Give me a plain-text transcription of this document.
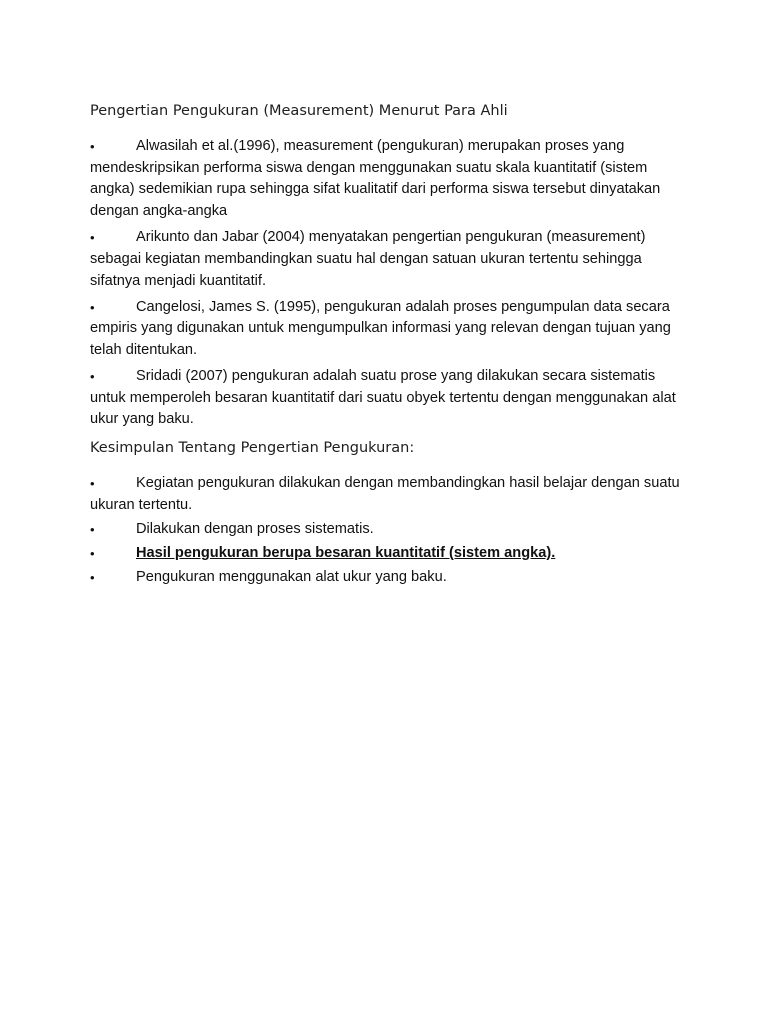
Pengertian Pengukuran (Measurement) Menurut Para Ahli
•	Alwasilah et al.(1996), measurement (pengukuran) merupakan proses yang mendeskripsikan performa siswa dengan menggunakan suatu skala kuantitatif (sistem angka) sedemikian rupa sehingga sifat kualitatif dari performa siswa tersebut dinyatakan dengan angka-angka
•	Arikunto dan Jabar (2004) menyatakan pengertian pengukuran (measurement) sebagai kegiatan membandingkan suatu hal dengan satuan ukuran tertentu sehingga sifatnya menjadi kuantitatif.
•	Cangelosi, James S. (1995), pengukuran adalah proses pengumpulan data secara empiris yang digunakan untuk mengumpulkan informasi yang relevan dengan tujuan yang telah ditentukan.
•	Sridadi (2007) pengukuran adalah suatu prose yang dilakukan secara sistematis untuk memperoleh besaran kuantitatif dari suatu obyek tertentu dengan menggunakan alat ukur yang baku.
Kesimpulan Tentang Pengertian Pengukuran:
•	Kegiatan pengukuran dilakukan dengan membandingkan hasil belajar dengan suatu ukuran tertentu.
•	Dilakukan dengan proses sistematis.
•	Hasil pengukuran berupa besaran kuantitatif (sistem angka).
•	Pengukuran menggunakan alat ukur yang baku.
